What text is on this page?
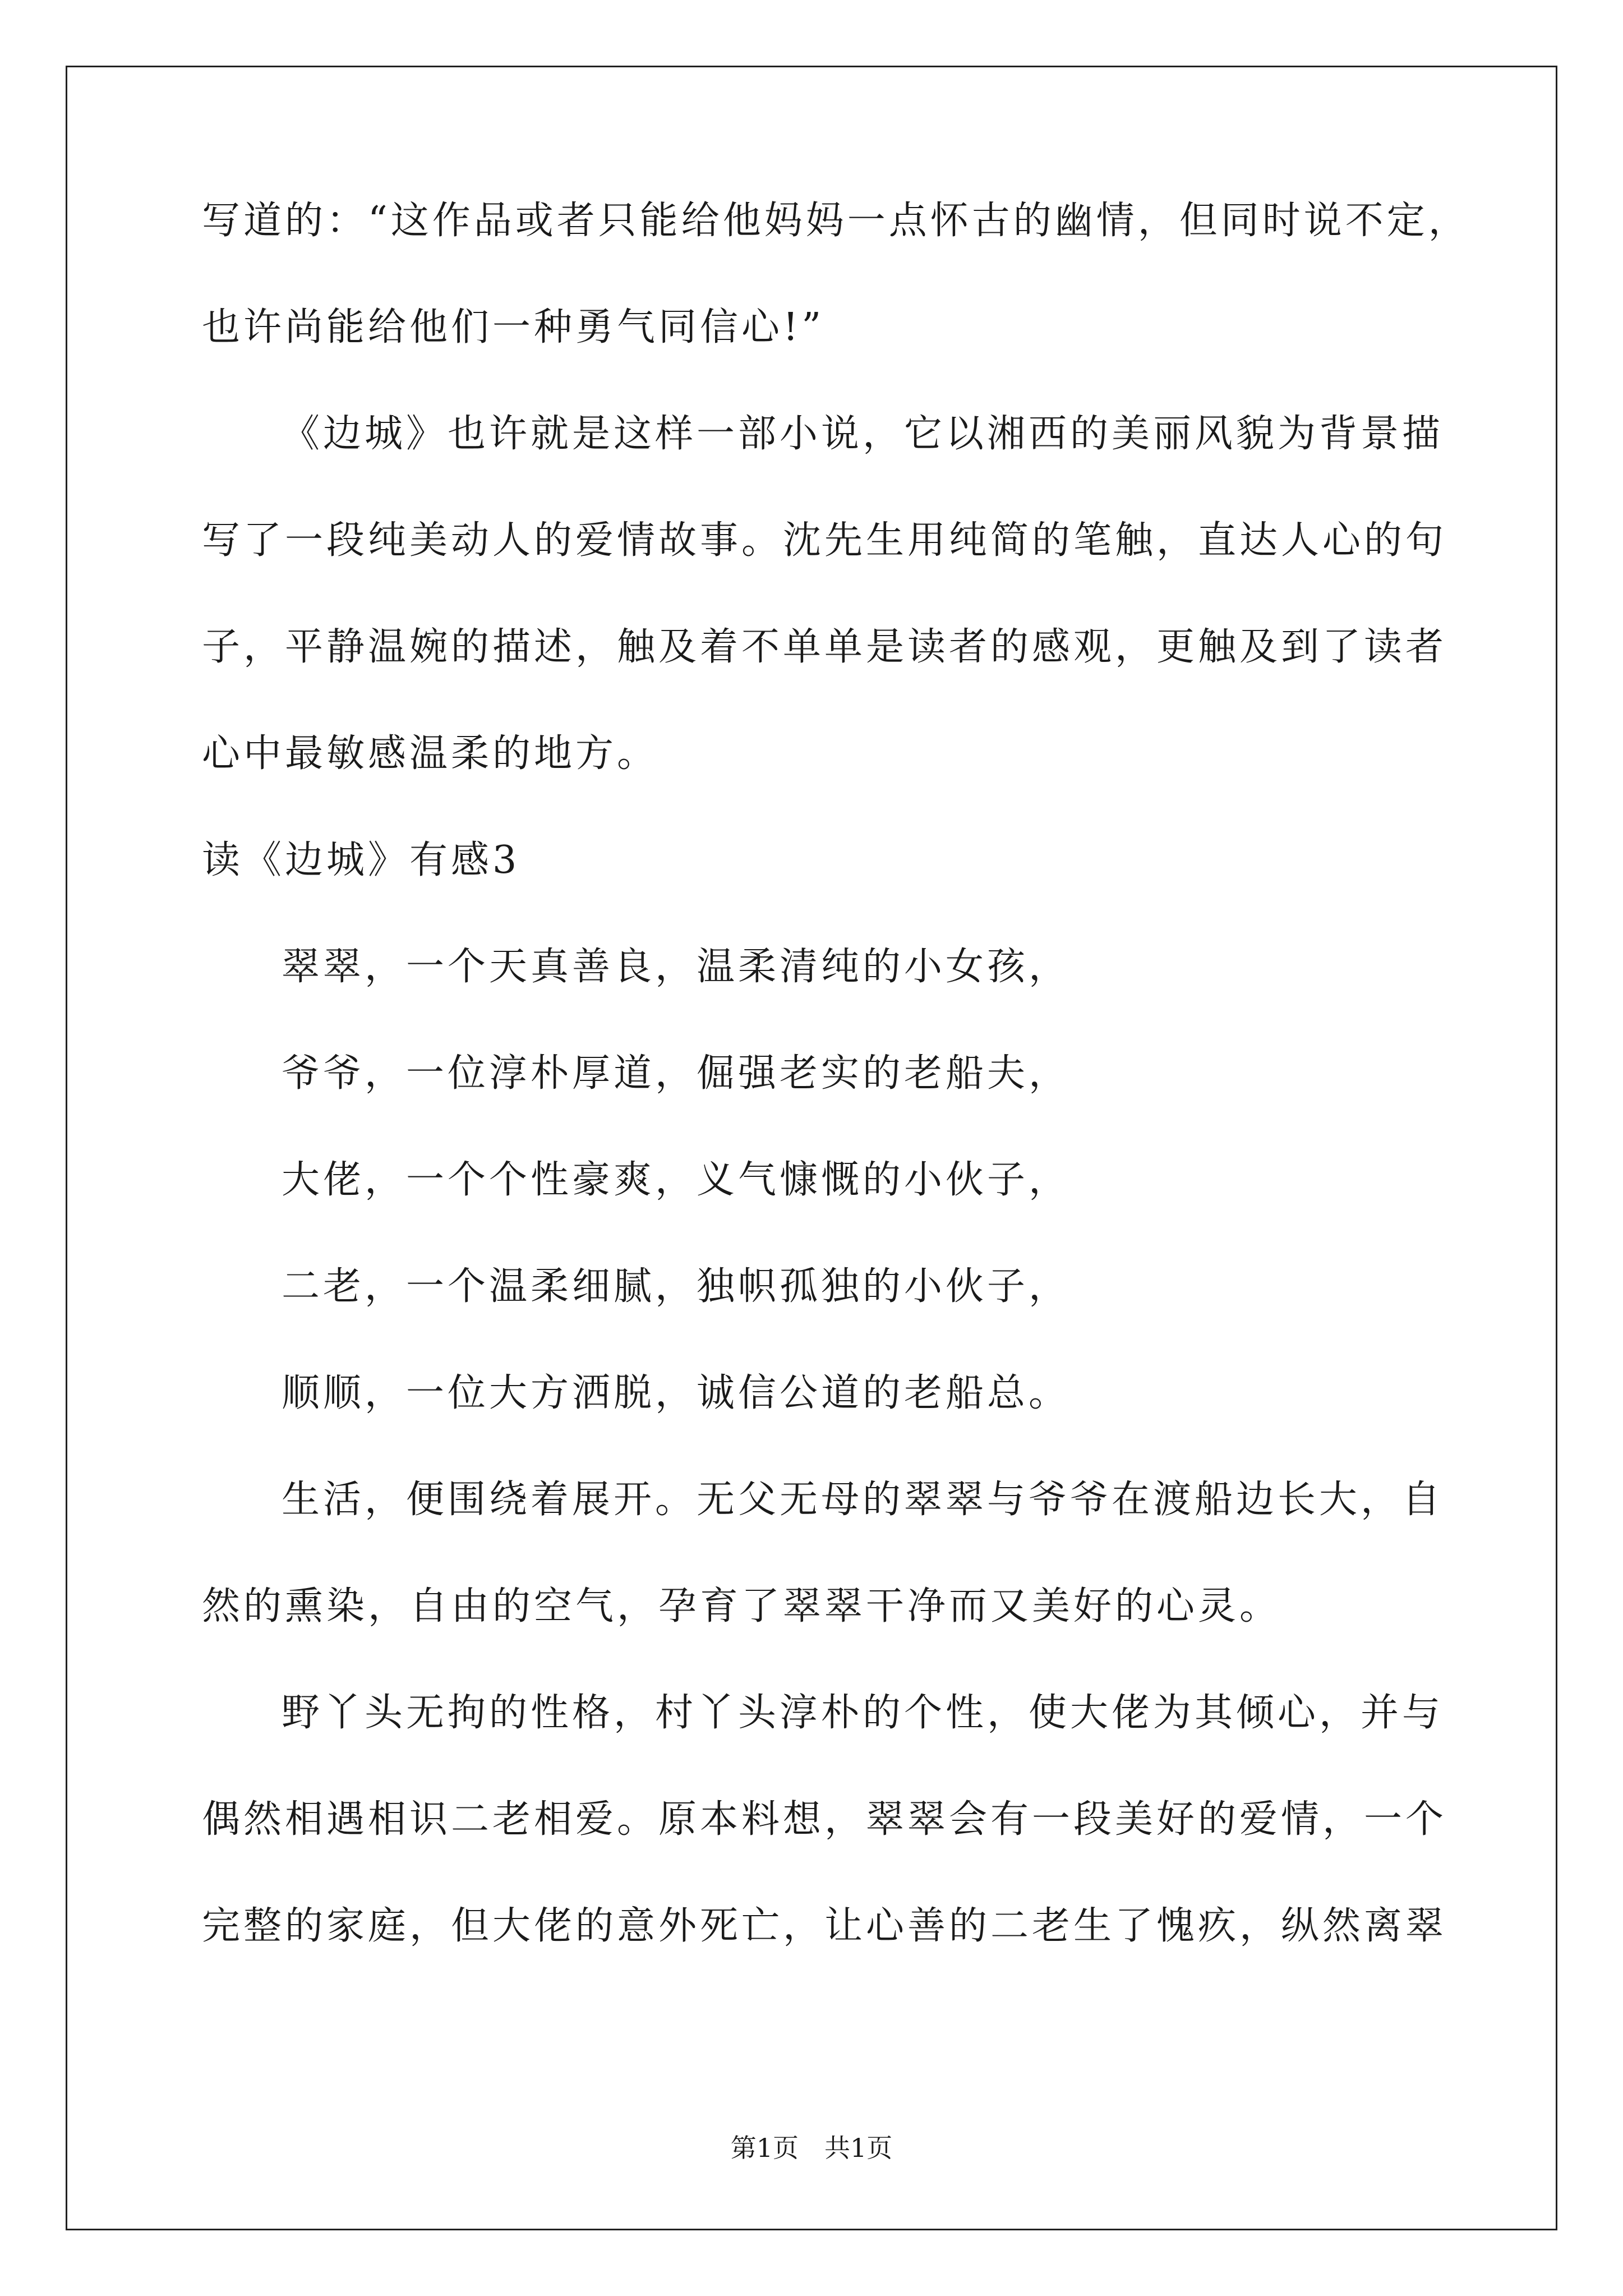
写道的：“这作品或者只能给他妈妈一点怀古的幽情，但同时说不定，
也许尚能给他们一种勇气同信心!”
《边城》也许就是这样一部小说，它以湘西的美丽风貌为背景描
写了一段纯美动人的爱情故事。沈先生用纯简的笔触，直达人心的句
子，平静温婉的描述，触及着不单单是读者的感观，更触及到了读者
心中最敏感温柔的地方。
读《边城》有感3
翠翠，一个天真善良，温柔清纯的小女孩，
爷爷，一位淳朴厚道，倔强老实的老船夫，
大佬，一个个性豪爽，义气慷慨的小伙子，
二老，一个温柔细腻，独帜孤独的小伙子，
顺顺，一位大方洒脱，诚信公道的老船总。
生活，便围绕着展开。无父无母的翠翠与爷爷在渡船边长大，自
然的熏染，自由的空气，孕育了翠翠干净而又美好的心灵。
野丫头无拘的性格，村丫头淳朴的个性，使大佬为其倾心，并与
偶然相遇相识二老相爱。原本料想，翠翠会有一段美好的爱情，一个
完整的家庭，但大佬的意外死亡，让心善的二老生了愧疚，纵然离翠
第1页　共1页
